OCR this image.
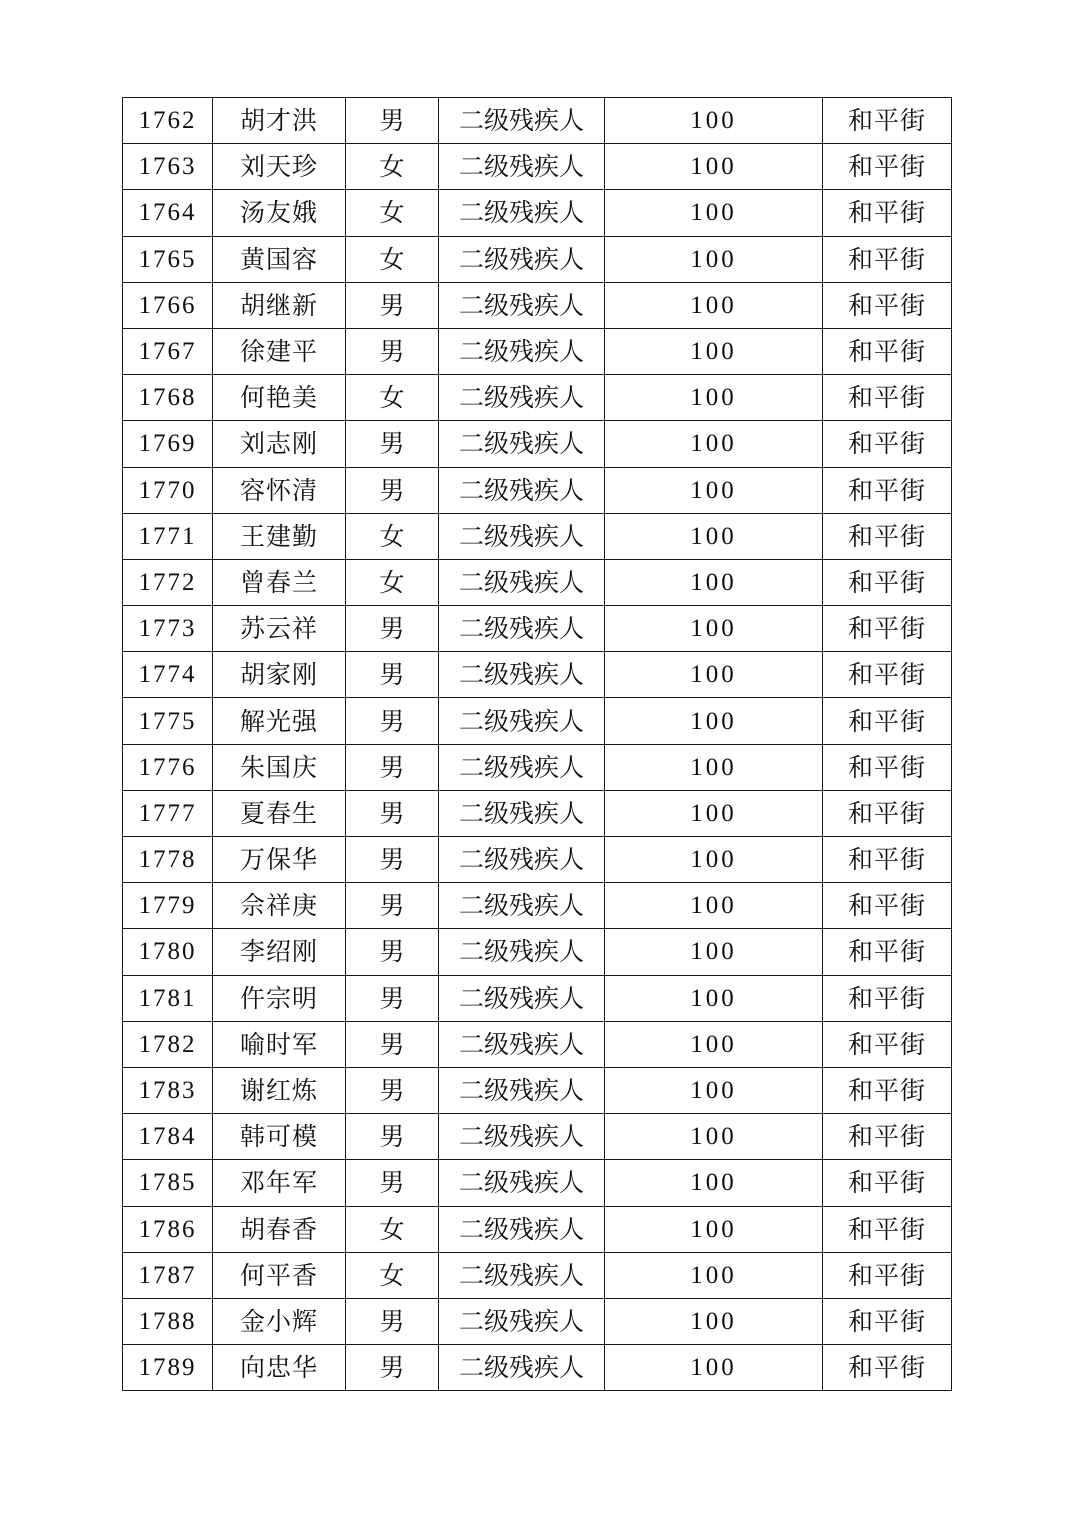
1762	胡才洪	男	二级残疾人	100	和平街
1763	刘天珍	女	二级残疾人	100	和平街
1764	汤友娥	女	二级残疾人	100	和平街
1765	黄国容	女	二级残疾人	100	和平街
1766	胡继新	男	二级残疾人	100	和平街
1767	徐建平	男	二级残疾人	100	和平街
1768	何艳美	女	二级残疾人	100	和平街
1769	刘志刚	男	二级残疾人	100	和平街
1770	容怀清	男	二级残疾人	100	和平街
1771	王建勤	女	二级残疾人	100	和平街
1772	曾春兰	女	二级残疾人	100	和平街
1773	苏云祥	男	二级残疾人	100	和平街
1774	胡家刚	男	二级残疾人	100	和平街
1775	解光强	男	二级残疾人	100	和平街
1776	朱国庆	男	二级残疾人	100	和平街
1777	夏春生	男	二级残疾人	100	和平街
1778	万保华	男	二级残疾人	100	和平街
1779	佘祥庚	男	二级残疾人	100	和平街
1780	李绍刚	男	二级残疾人	100	和平街
1781	仵宗明	男	二级残疾人	100	和平街
1782	喻时军	男	二级残疾人	100	和平街
1783	谢红炼	男	二级残疾人	100	和平街
1784	韩可模	男	二级残疾人	100	和平街
1785	邓年军	男	二级残疾人	100	和平街
1786	胡春香	女	二级残疾人	100	和平街
1787	何平香	女	二级残疾人	100	和平街
1788	金小辉	男	二级残疾人	100	和平街
1789	向忠华	男	二级残疾人	100	和平街
